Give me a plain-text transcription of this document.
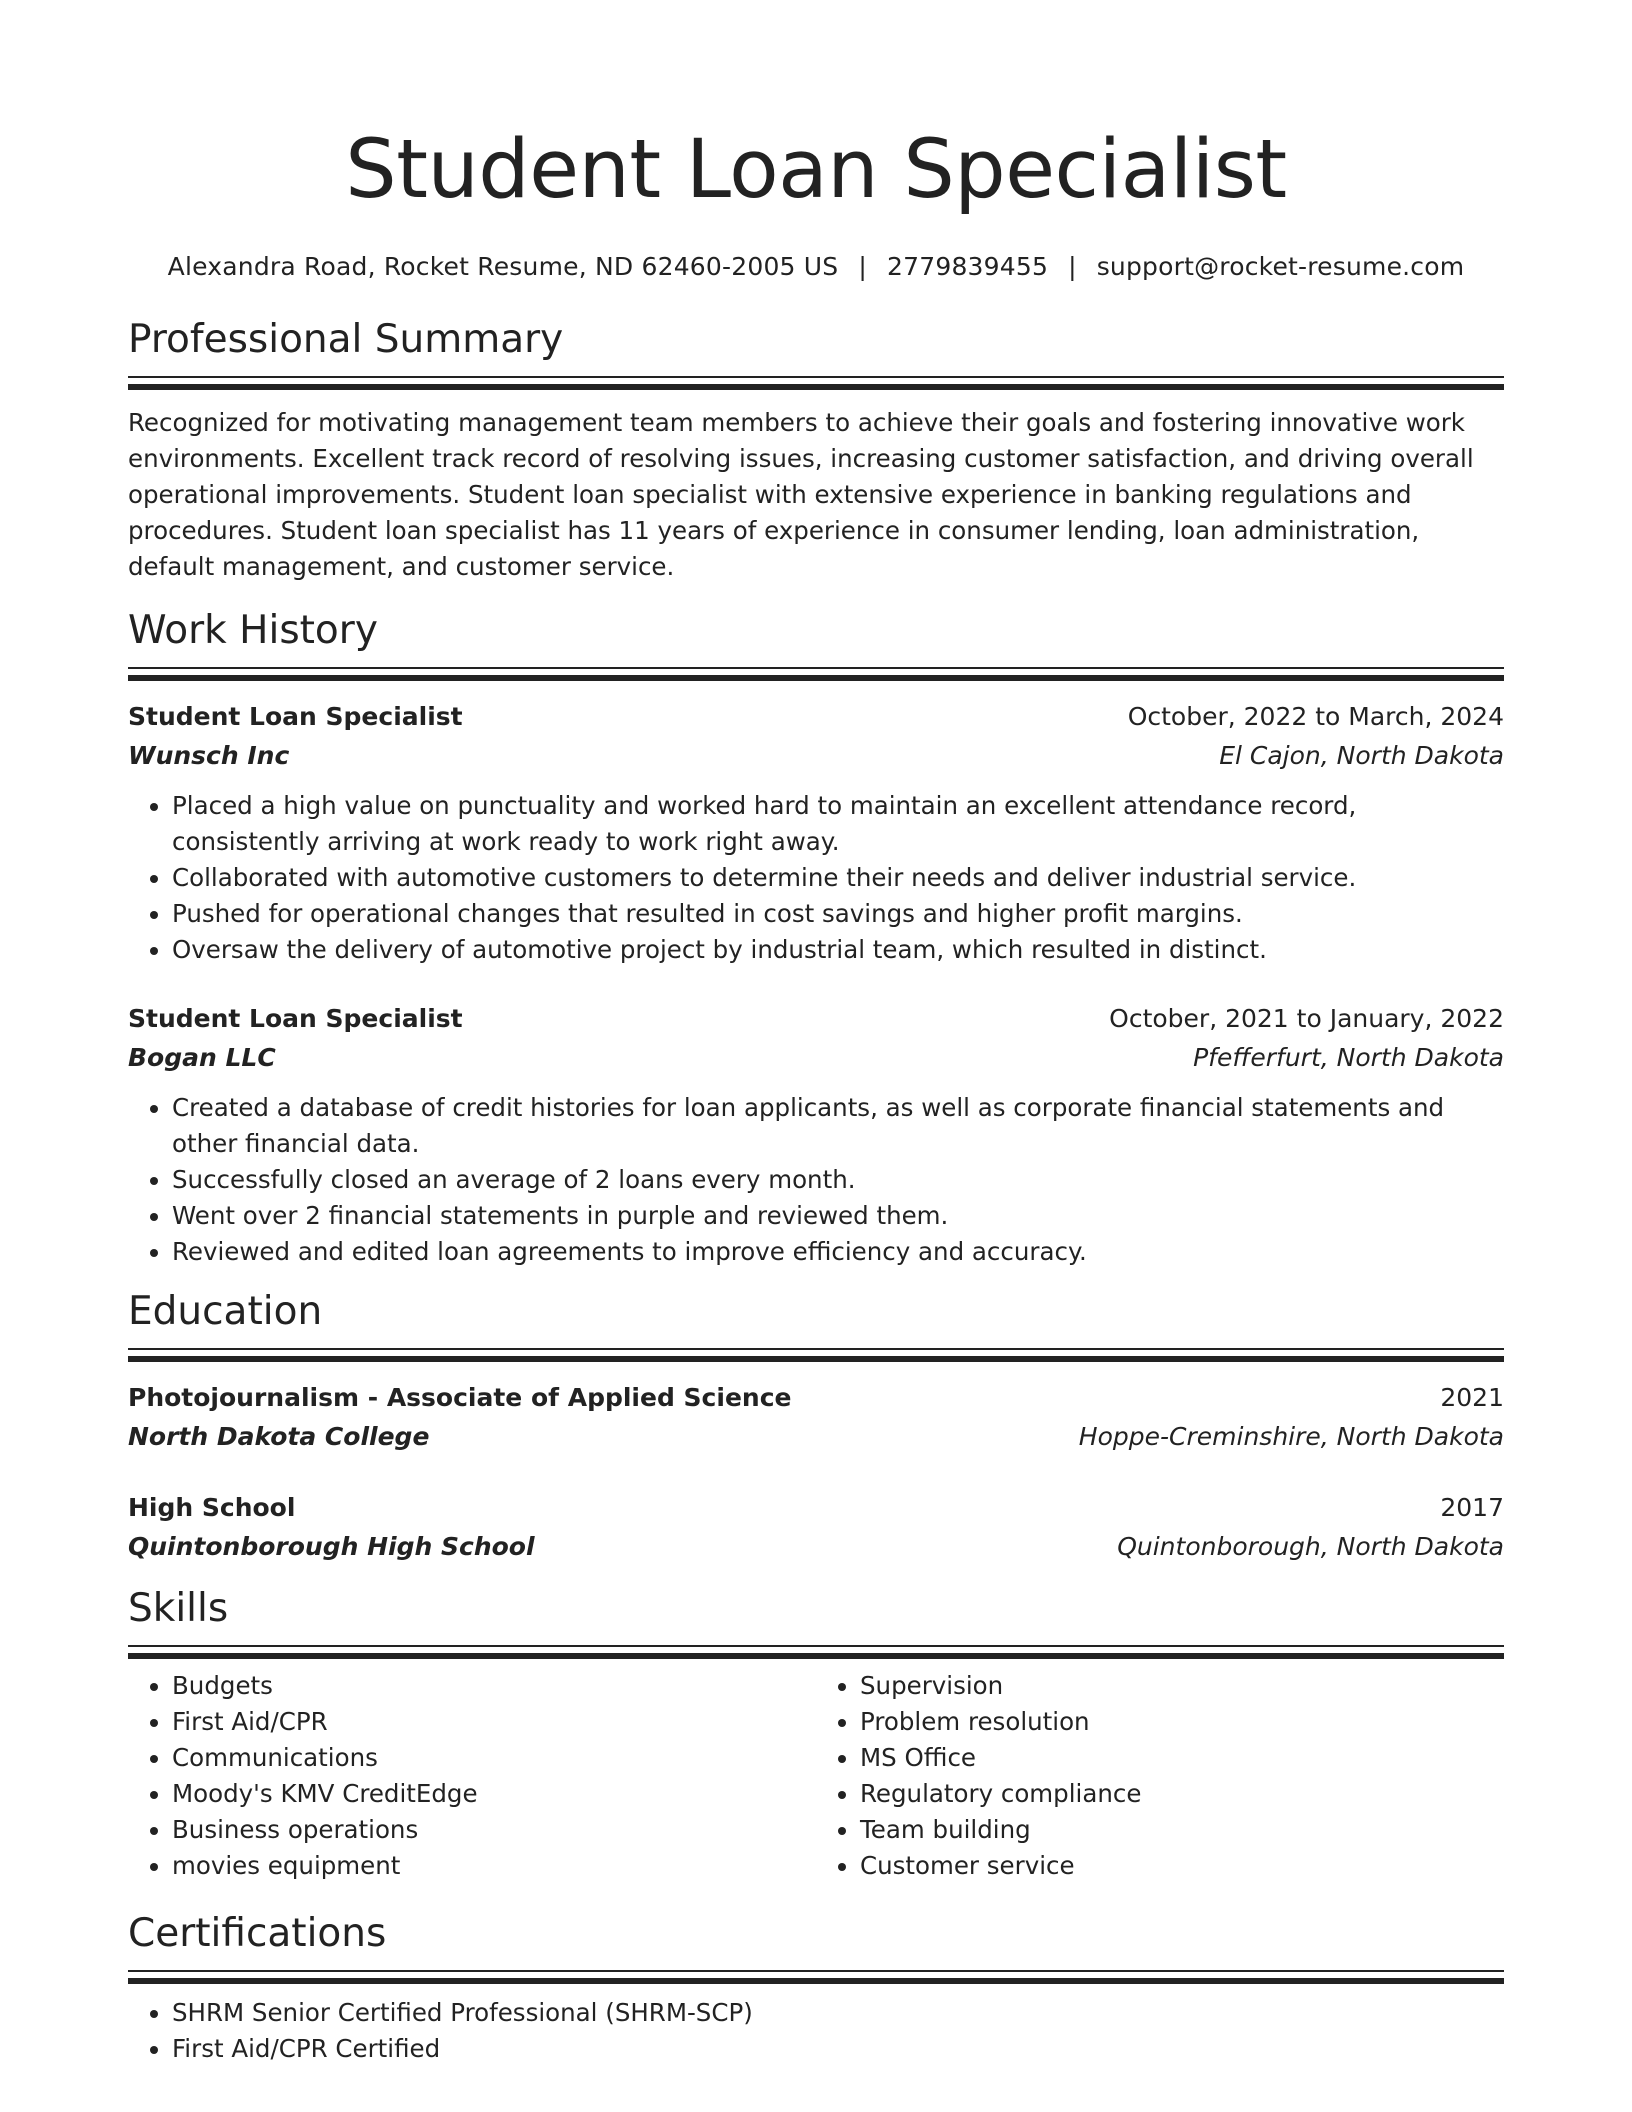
Student Loan Specialist
Alexandra Road, Rocket Resume, ND 62460-2005 US | 2779839455 | support@rocket-resume.com
Professional Summary
Recognized for motivating management team members to achieve their goals and fostering innovative work environments. Excellent track record of resolving issues, increasing customer satisfaction, and driving overall operational improvements. Student loan specialist with extensive experience in banking regulations and procedures. Student loan specialist has 11 years of experience in consumer lending, loan administration, default management, and customer service.
Work History
Student Loan Specialist	October, 2022 to March, 2024
Wunsch Inc	El Cajon, North Dakota
• Placed a high value on punctuality and worked hard to maintain an excellent attendance record, consistently arriving at work ready to work right away.
• Collaborated with automotive customers to determine their needs and deliver industrial service.
• Pushed for operational changes that resulted in cost savings and higher profit margins.
• Oversaw the delivery of automotive project by industrial team, which resulted in distinct.
Student Loan Specialist	October, 2021 to January, 2022
Bogan LLC	Pfefferfurt, North Dakota
• Created a database of credit histories for loan applicants, as well as corporate financial statements and other financial data.
• Successfully closed an average of 2 loans every month.
• Went over 2 financial statements in purple and reviewed them.
• Reviewed and edited loan agreements to improve efficiency and accuracy.
Education
Photojournalism - Associate of Applied Science	2021
North Dakota College	Hoppe-Creminshire, North Dakota
High School	2017
Quintonborough High School	Quintonborough, North Dakota
Skills
• Budgets
• First Aid/CPR
• Communications
• Moody's KMV CreditEdge
• Business operations
• movies equipment
• Supervision
• Problem resolution
• MS Office
• Regulatory compliance
• Team building
• Customer service
Certifications
• SHRM Senior Certified Professional (SHRM-SCP)
• First Aid/CPR Certified
